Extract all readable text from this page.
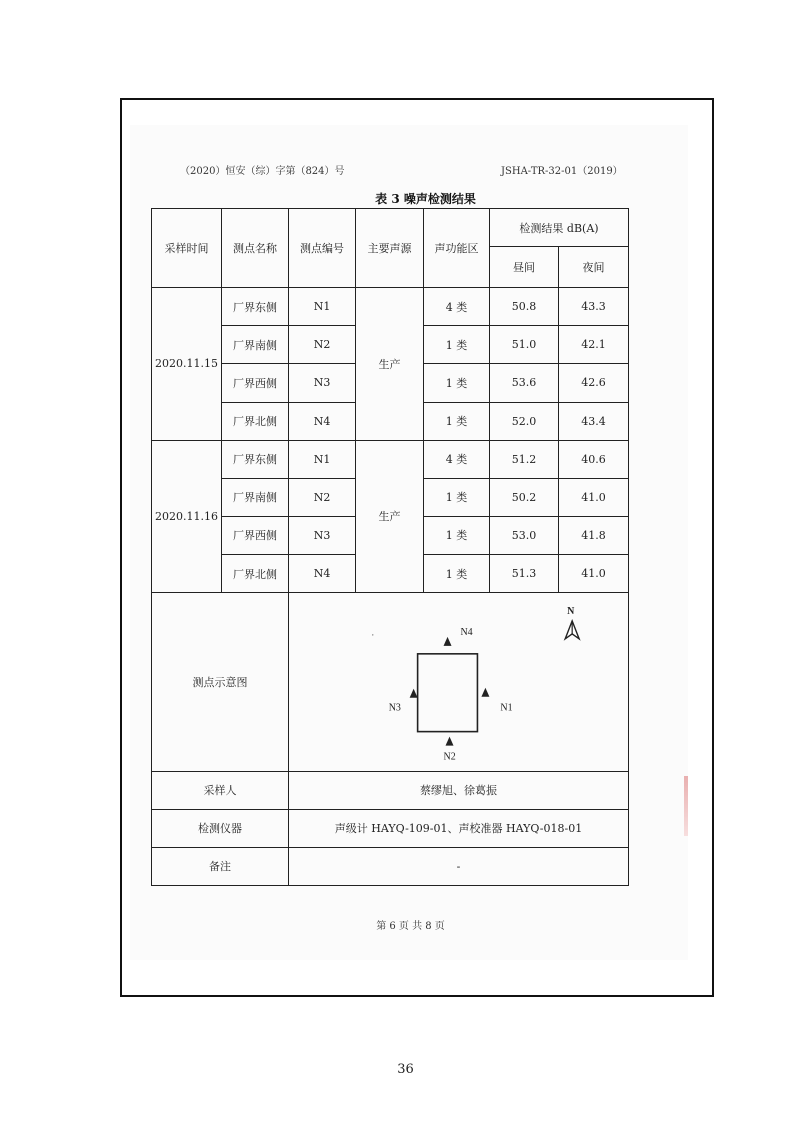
（2020）恒安（综）字第（824）号	JSHA-TR-32-01（2019）
表 3 噪声检测结果
采样时间	测点名称	测点编号	主要声源	声功能区	检测结果 dB(A)	
					昼间	夜间
2020.11.15	厂界东侧	N1	生产	4 类	50.8	43.3
	厂界南侧	N2		1 类	51.0	42.1
	厂界西侧	N3		1 类	53.6	42.6
	厂界北侧	N4		1 类	52.0	43.4
2020.11.16	厂界东侧	N1	生产	4 类	51.2	40.6
	厂界南侧	N2		1 类	50.2	41.0
	厂界西侧	N3		1 类	53.0	41.8
	厂界北侧	N4		1 类	51.3	41.0
测点示意图		N4
N1
N3
N2
N				

采样人		蔡缪旭、徐葛振				
检测仪器		声级计 HAYQ-109-01、声校准器 HAYQ-018-01				
备注		-				
第 6 页 共 8 页
36
